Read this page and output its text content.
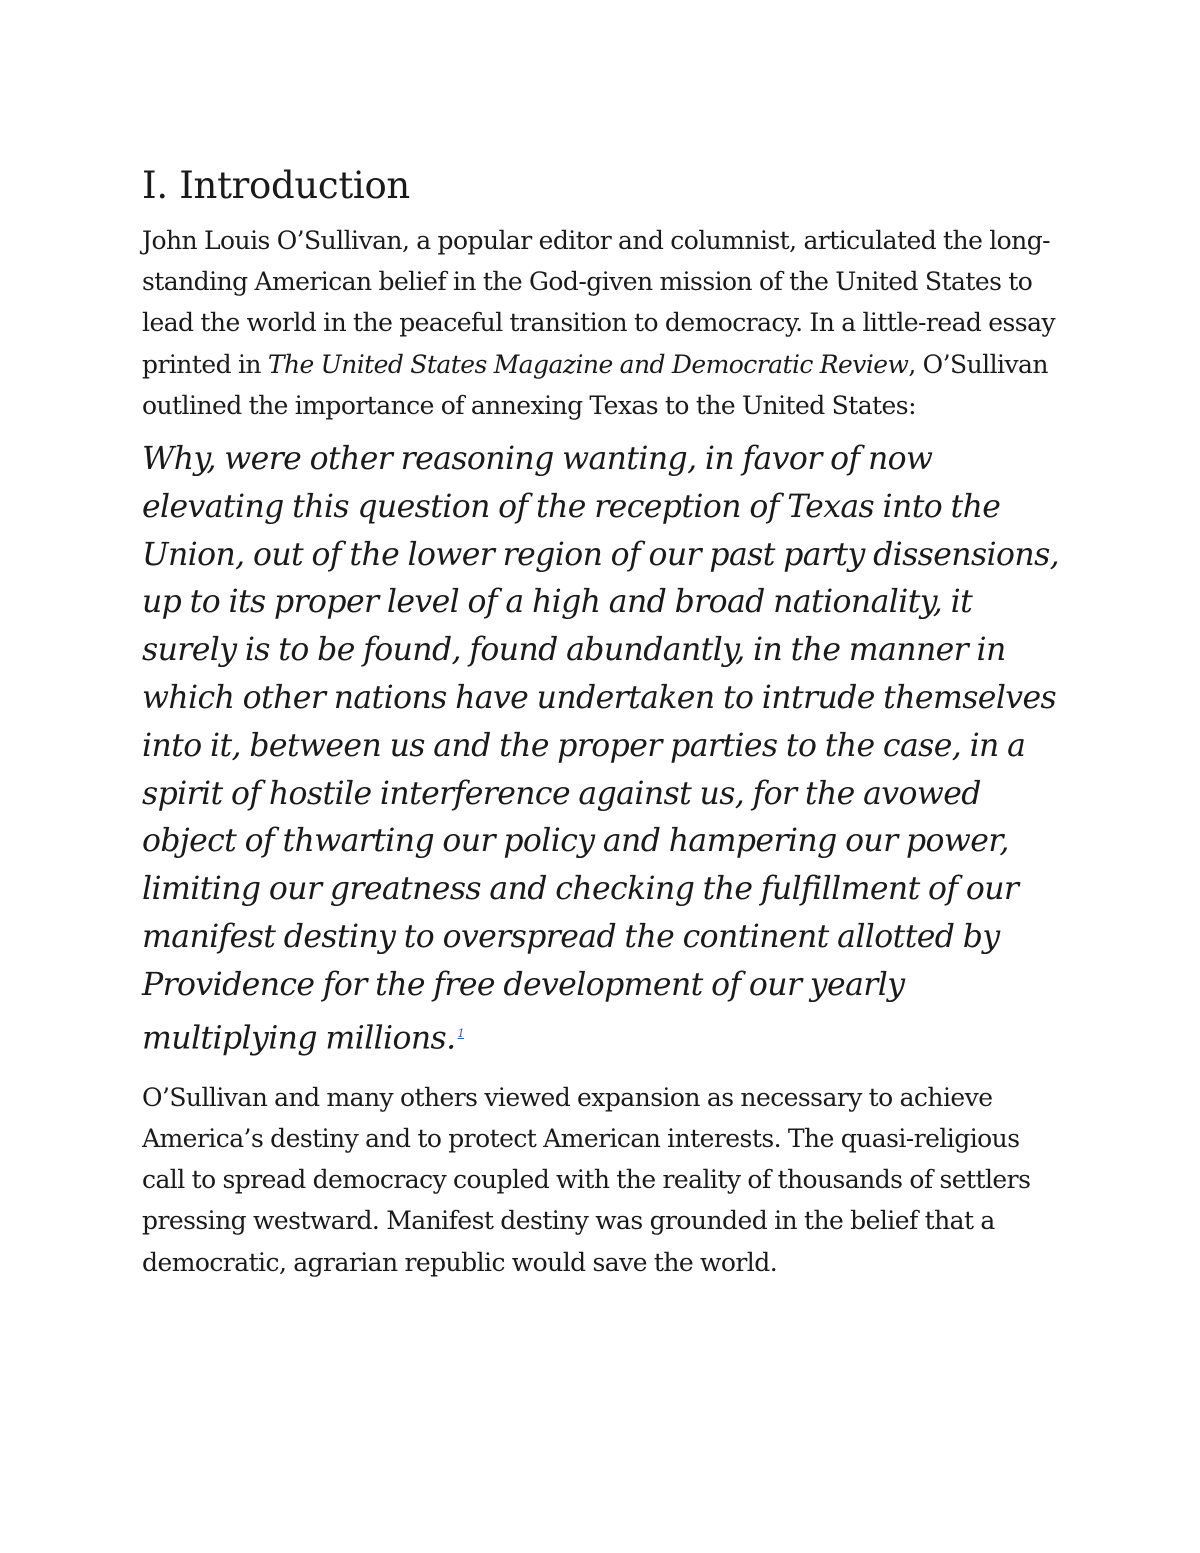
I. Introduction

John Louis O’Sullivan, a popular editor and columnist, articulated the long-standing American belief in the God-given mission of the United States to lead the world in the peaceful transition to democracy. In a little-read essay printed in The United States Magazine and Democratic Review, O’Sullivan outlined the importance of annexing Texas to the United States:

Why, were other reasoning wanting, in favor of now elevating this question of the reception of Texas into the Union, out of the lower region of our past party dissensions, up to its proper level of a high and broad nationality, it surely is to be found, found abundantly, in the manner in which other nations have undertaken to intrude themselves into it, between us and the proper parties to the case, in a spirit of hostile interference against us, for the avowed object of thwarting our policy and hampering our power, limiting our greatness and checking the fulfillment of our manifest destiny to overspread the continent allotted by Providence for the free development of our yearly multiplying millions. $^1$

O’Sullivan and many others viewed expansion as necessary to achieve America’s destiny and to protect American interests. The quasi-religious call to spread democracy coupled with the reality of thousands of settlers pressing westward. Manifest destiny was grounded in the belief that a democratic, agrarian republic would save the world.
